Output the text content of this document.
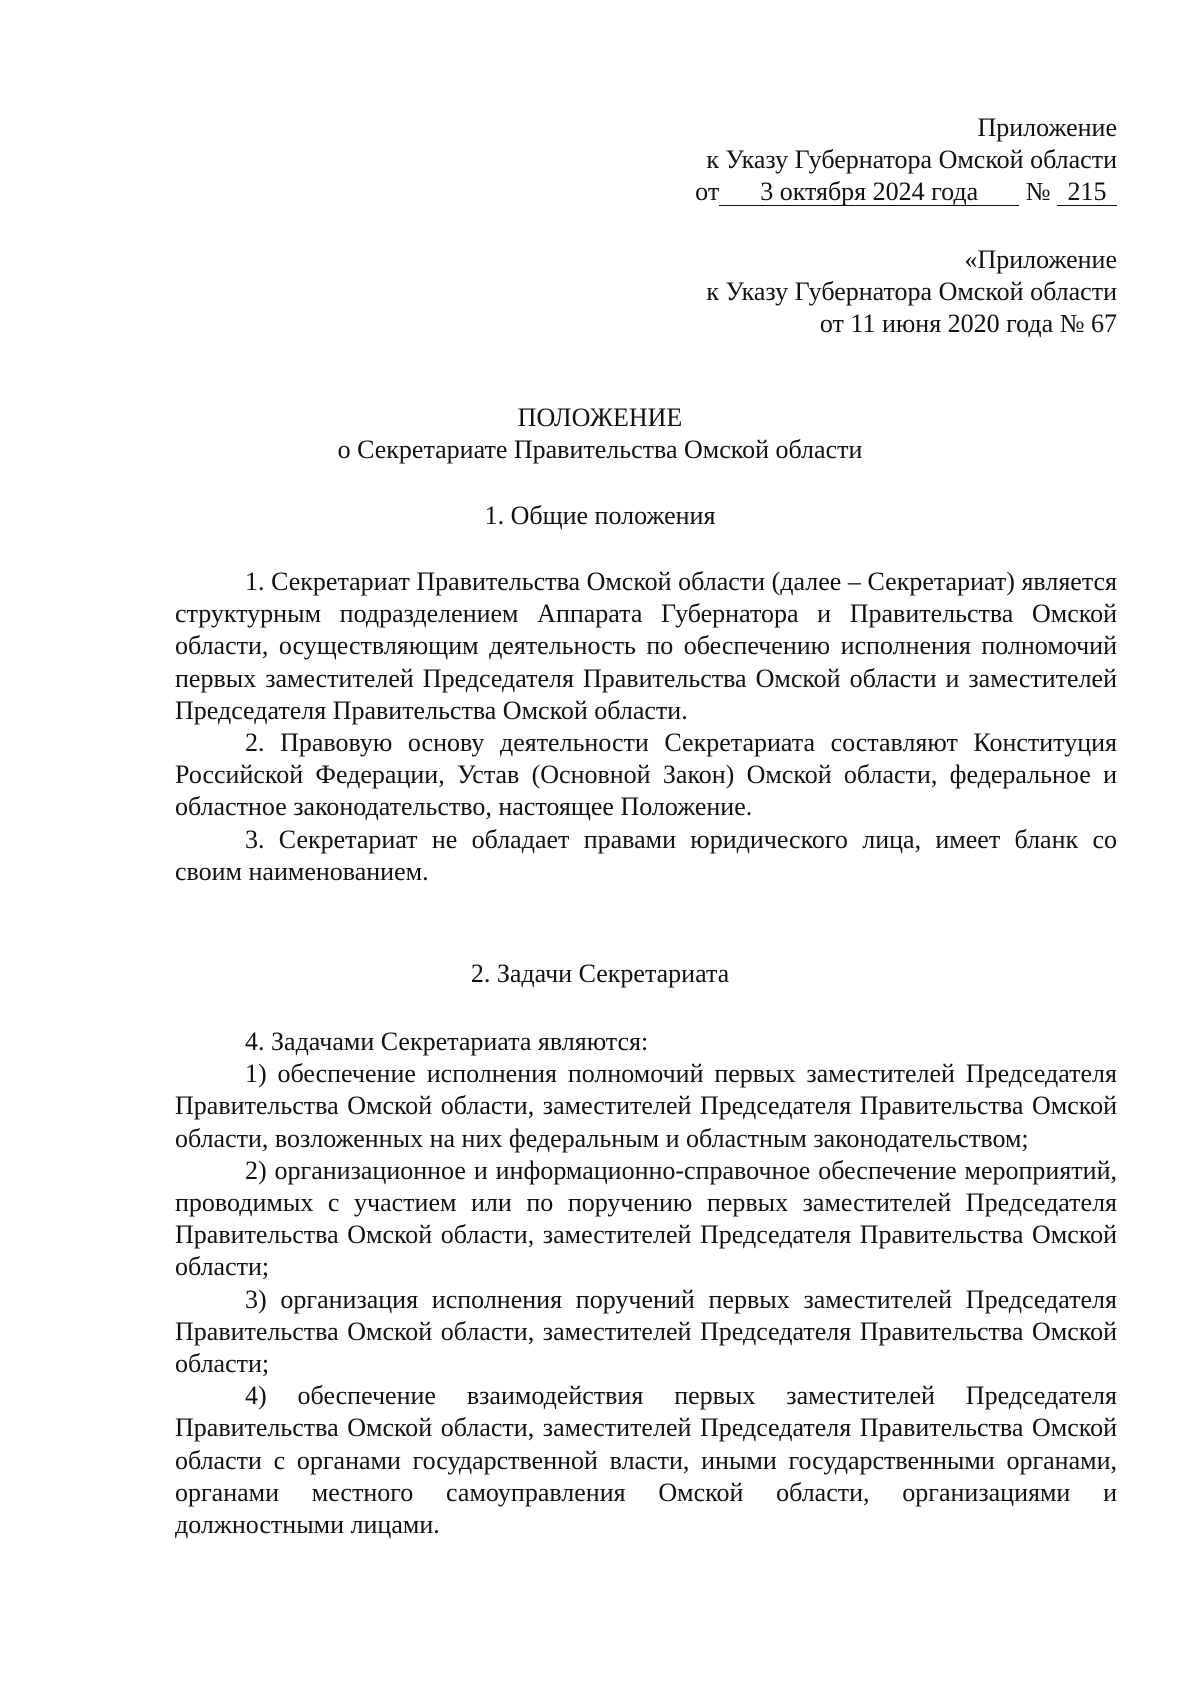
Приложение
к Указу Губернатора Омской области
от 3 октября 2024 года № 215
«Приложение
к Указу Губернатора Омской области
от 11 июня 2020 года № 67
ПОЛОЖЕНИЕ
о Секретариате Правительства Омской области
1. Общие положения

1. Секретариат Правительства Омской области (далее – Секретариат) является структурным подразделением Аппарата Губернатора и Правительства Омской области, осуществляющим деятельность по обеспечению исполнения полномочий первых заместителей Председателя Правительства Омской области и заместителей Председателя Правительства Омской области.

2. Правовую основу деятельности Секретариата составляют Конституция Российской Федерации, Устав (Основной Закон) Омской области, федеральное и областное законодательство, настоящее Положение.

3. Секретариат не обладает правами юридического лица, имеет бланк со своим наименованием.

2. Задачи Секретариата

4. Задачами Секретариата являются:

1) обеспечение исполнения полномочий первых заместителей Председателя Правительства Омской области, заместителей Председателя Правительства Омской области, возложенных на них федеральным и областным законодательством;

2) организационное и информационно-справочное обеспечение мероприятий, проводимых с участием или по поручению первых заместителей Председателя Правительства Омской области, заместителей Председателя Правительства Омской области;

3) организация исполнения поручений первых заместителей Председателя Правительства Омской области, заместителей Председателя Правительства Омской области;

4) обеспечение взаимодействия первых заместителей Председателя Правительства Омской области, заместителей Председателя Правительства Омской области с органами государственной власти, иными государственными органами, органами местного самоуправления Омской области, организациями и должностными лицами.
